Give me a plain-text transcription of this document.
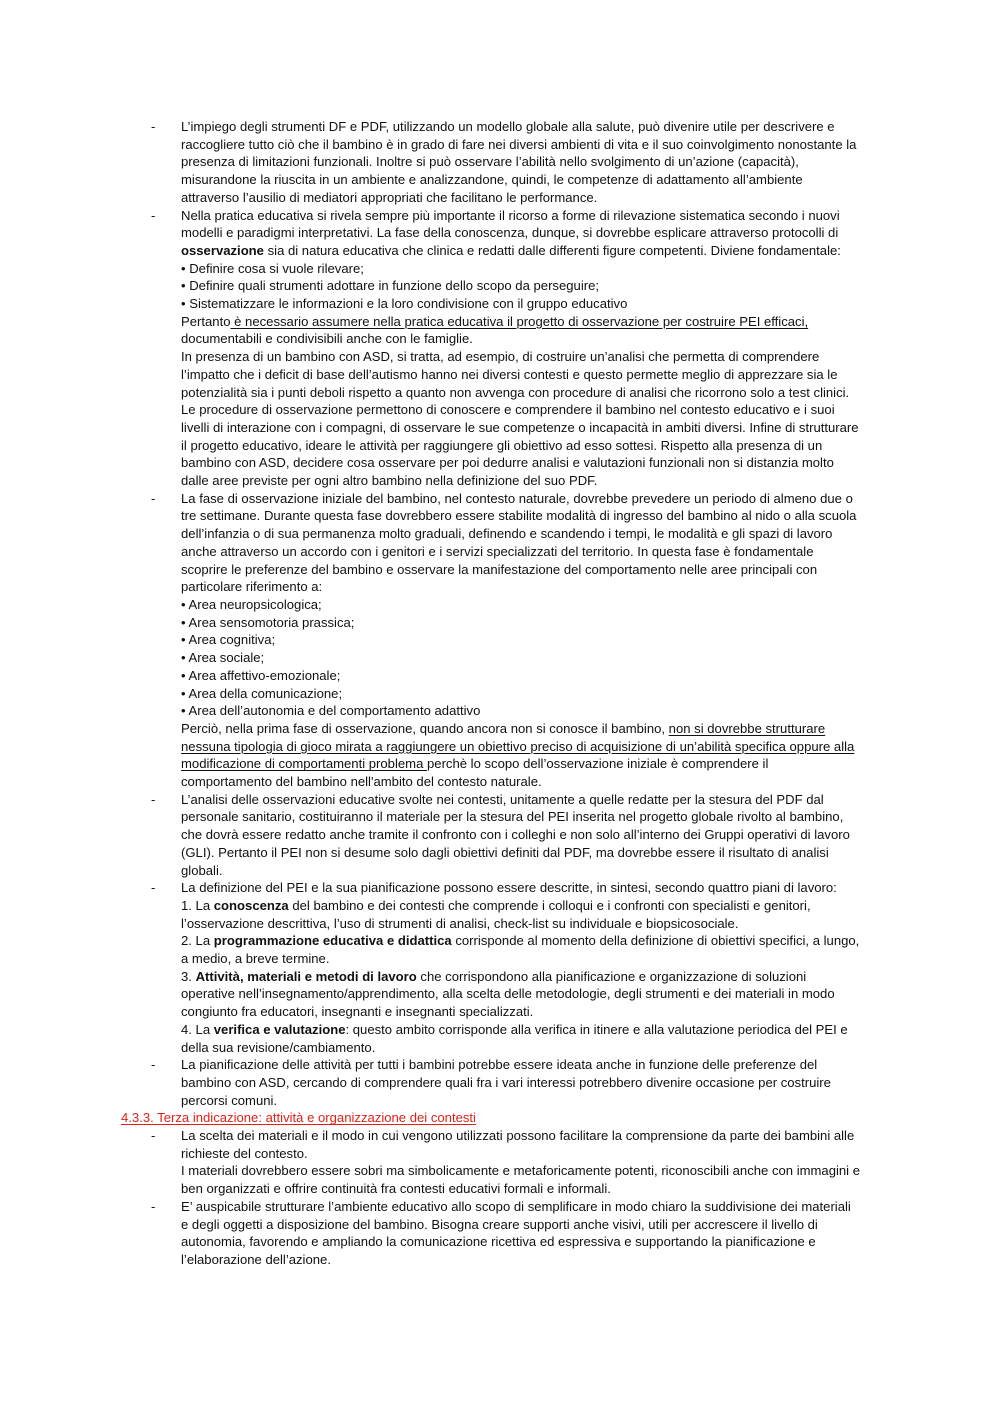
- L’impiego degli strumenti DF e PDF, utilizzando un modello globale alla salute, può divenire utile per descrivere e
raccogliere tutto ciò che il bambino è in grado di fare nei diversi ambienti di vita e il suo coinvolgimento nonostante la
presenza di limitazioni funzionali. Inoltre si può osservare l’abilità nello svolgimento di un’azione (capacità),
misurandone la riuscita in un ambiente e analizzandone, quindi, le competenze di adattamento all’ambiente
attraverso l’ausilio di mediatori appropriati che facilitano le performance.
- Nella pratica educativa si rivela sempre più importante il ricorso a forme di rilevazione sistematica secondo i nuovi
modelli e paradigmi interpretativi. La fase della conoscenza, dunque, si dovrebbe esplicare attraverso protocolli di
osservazione sia di natura educativa che clinica e redatti dalle differenti figure competenti. Diviene fondamentale:
• Definire cosa si vuole rilevare;
• Definire quali strumenti adottare in funzione dello scopo da perseguire;
• Sistematizzare le informazioni e la loro condivisione con il gruppo educativo
Pertanto è necessario assumere nella pratica educativa il progetto di osservazione per costruire PEI efficaci,
documentabili e condivisibili anche con le famiglie.
In presenza di un bambino con ASD, si tratta, ad esempio, di costruire un’analisi che permetta di comprendere
l’impatto che i deficit di base dell’autismo hanno nei diversi contesti e questo permette meglio di apprezzare sia le
potenzialità sia i punti deboli rispetto a quanto non avvenga con procedure di analisi che ricorrono solo a test clinici.
Le procedure di osservazione permettono di conoscere e comprendere il bambino nel contesto educativo e i suoi
livelli di interazione con i compagni, di osservare le sue competenze o incapacità in ambiti diversi. Infine di strutturare
il progetto educativo, ideare le attività per raggiungere gli obiettivo ad esso sottesi. Rispetto alla presenza di un
bambino con ASD, decidere cosa osservare per poi dedurre analisi e valutazioni funzionali non si distanzia molto
dalle aree previste per ogni altro bambino nella definizione del suo PDF.
- La fase di osservazione iniziale del bambino, nel contesto naturale, dovrebbe prevedere un periodo di almeno due o
tre settimane. Durante questa fase dovrebbero essere stabilite modalità di ingresso del bambino al nido o alla scuola
dell’infanzia o di sua permanenza molto graduali, definendo e scandendo i tempi, le modalità e gli spazi di lavoro
anche attraverso un accordo con i genitori e i servizi specializzati del territorio. In questa fase è fondamentale
scoprire le preferenze del bambino e osservare la manifestazione del comportamento nelle aree principali con
particolare riferimento a:
• Area neuropsicologica;
• Area sensomotoria prassica;
• Area cognitiva;
• Area sociale;
• Area affettivo-emozionale;
• Area della comunicazione;
• Area dell’autonomia e del comportamento adattivo
Perciò, nella prima fase di osservazione, quando ancora non si conosce il bambino, non si dovrebbe strutturare
nessuna tipologia di gioco mirata a raggiungere un obiettivo preciso di acquisizione di un’abilità specifica oppure alla
modificazione di comportamenti problema perchè lo scopo dell’osservazione iniziale è comprendere il
comportamento del bambino nell'ambito del contesto naturale.
- L’analisi delle osservazioni educative svolte nei contesti, unitamente a quelle redatte per la stesura del PDF dal
personale sanitario, costituiranno il materiale per la stesura del PEI inserita nel progetto globale rivolto al bambino,
che dovrà essere redatto anche tramite il confronto con i colleghi e non solo all’interno dei Gruppi operativi di lavoro
(GLI). Pertanto il PEI non si desume solo dagli obiettivi definiti dal PDF, ma dovrebbe essere il risultato di analisi
globali.
- La definizione del PEI e la sua pianificazione possono essere descritte, in sintesi, secondo quattro piani di lavoro:
1. La conoscenza del bambino e dei contesti che comprende i colloqui e i confronti con specialisti e genitori,
l’osservazione descrittiva, l’uso di strumenti di analisi, check-list su individuale e biopsicosociale.
2. La programmazione educativa e didattica corrisponde al momento della definizione di obiettivi specifici, a lungo,
a medio, a breve termine.
3. Attività, materiali e metodi di lavoro che corrispondono alla pianificazione e organizzazione di soluzioni
operative nell’insegnamento/apprendimento, alla scelta delle metodologie, degli strumenti e dei materiali in modo
congiunto fra educatori, insegnanti e insegnanti specializzati.
4. La verifica e valutazione: questo ambito corrisponde alla verifica in itinere e alla valutazione periodica del PEI e
della sua revisione/cambiamento.
- La pianificazione delle attività per tutti i bambini potrebbe essere ideata anche in funzione delle preferenze del
bambino con ASD, cercando di comprendere quali fra i vari interessi potrebbero divenire occasione per costruire
percorsi comuni.
4.3.3. Terza indicazione: attività e organizzazione dei contesti
- La scelta dei materiali e il modo in cui vengono utilizzati possono facilitare la comprensione da parte dei bambini alle
richieste del contesto.
I materiali dovrebbero essere sobri ma simbolicamente e metaforicamente potenti, riconoscibili anche con immagini e
ben organizzati e offrire continuità fra contesti educativi formali e informali.
- E’ auspicabile strutturare l’ambiente educativo allo scopo di semplificare in modo chiaro la suddivisione dei materiali
e degli oggetti a disposizione del bambino. Bisogna creare supporti anche visivi, utili per accrescere il livello di
autonomia, favorendo e ampliando la comunicazione ricettiva ed espressiva e supportando la pianificazione e
l’elaborazione dell’azione.
